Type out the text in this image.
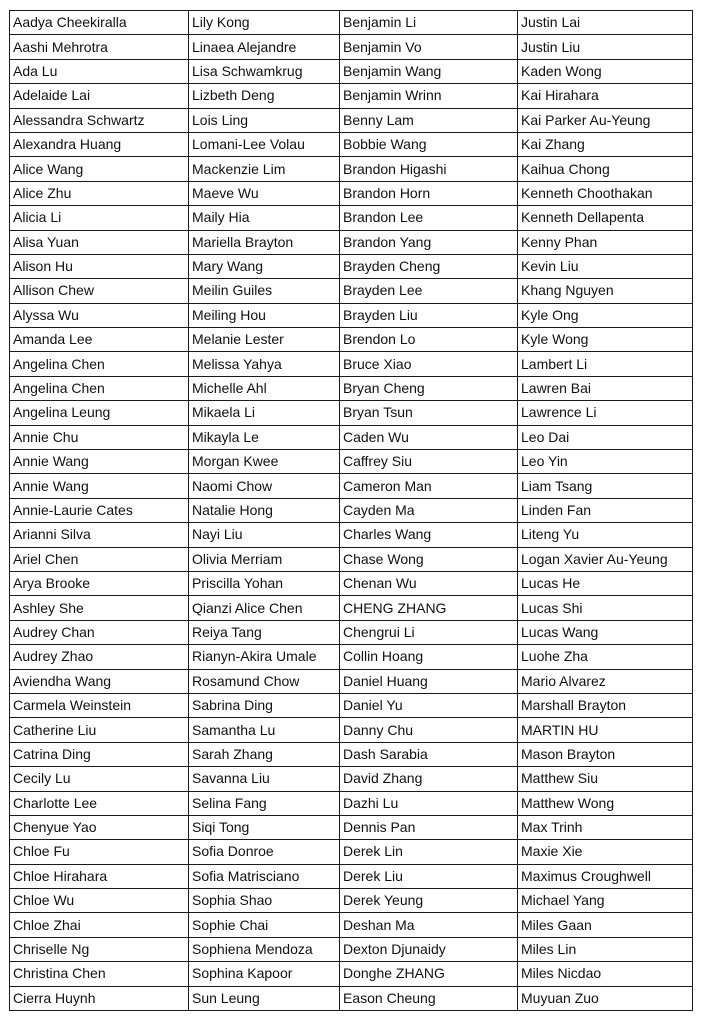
Aadya Cheekiralla	Lily Kong	Benjamin Li	Justin Lai
Aashi Mehrotra	Linaea Alejandre	Benjamin Vo	Justin Liu
Ada Lu	Lisa Schwamkrug	Benjamin Wang	Kaden Wong
Adelaide Lai	Lizbeth Deng	Benjamin Wrinn	Kai Hirahara
Alessandra Schwartz	Lois Ling	Benny Lam	Kai Parker Au-Yeung
Alexandra Huang	Lomani-Lee Volau	Bobbie Wang	Kai Zhang
Alice Wang	Mackenzie Lim	Brandon Higashi	Kaihua Chong
Alice Zhu	Maeve Wu	Brandon Horn	Kenneth Choothakan
Alicia Li	Maily Hia	Brandon Lee	Kenneth Dellapenta
Alisa Yuan	Mariella Brayton	Brandon Yang	Kenny Phan
Alison Hu	Mary Wang	Brayden Cheng	Kevin Liu
Allison Chew	Meilin Guiles	Brayden Lee	Khang Nguyen
Alyssa Wu	Meiling Hou	Brayden Liu	Kyle Ong
Amanda Lee	Melanie Lester	Brendon Lo	Kyle Wong
Angelina Chen	Melissa Yahya	Bruce Xiao	Lambert Li
Angelina Chen	Michelle Ahl	Bryan Cheng	Lawren Bai
Angelina Leung	Mikaela Li	Bryan Tsun	Lawrence Li
Annie Chu	Mikayla Le	Caden Wu	Leo Dai
Annie Wang	Morgan Kwee	Caffrey Siu	Leo Yin
Annie Wang	Naomi Chow	Cameron Man	Liam Tsang
Annie-Laurie Cates	Natalie Hong	Cayden Ma	Linden Fan
Arianni Silva	Nayi Liu	Charles Wang	Liteng Yu
Ariel Chen	Olivia Merriam	Chase Wong	Logan Xavier Au-Yeung
Arya Brooke	Priscilla Yohan	Chenan Wu	Lucas He
Ashley She	Qianzi Alice Chen	CHENG ZHANG	Lucas Shi
Audrey Chan	Reiya Tang	Chengrui Li	Lucas Wang
Audrey Zhao	Rianyn-Akira Umale	Collin Hoang	Luohe Zha
Aviendha Wang	Rosamund Chow	Daniel Huang	Mario Alvarez
Carmela Weinstein	Sabrina Ding	Daniel Yu	Marshall Brayton
Catherine Liu	Samantha Lu	Danny Chu	MARTIN HU
Catrina Ding	Sarah Zhang	Dash Sarabia	Mason Brayton
Cecily Lu	Savanna Liu	David Zhang	Matthew Siu
Charlotte Lee	Selina Fang	Dazhi Lu	Matthew Wong
Chenyue Yao	Siqi Tong	Dennis Pan	Max Trinh
Chloe Fu	Sofia Donroe	Derek Lin	Maxie Xie
Chloe Hirahara	Sofia Matrisciano	Derek Liu	Maximus Croughwell
Chloe Wu	Sophia Shao	Derek Yeung	Michael Yang
Chloe Zhai	Sophie Chai	Deshan Ma	Miles Gaan
Chriselle Ng	Sophiena Mendoza	Dexton Djunaidy	Miles Lin
Christina Chen	Sophina Kapoor	Donghe ZHANG	Miles Nicdao
Cierra Huynh	Sun Leung	Eason Cheung	Muyuan Zuo
